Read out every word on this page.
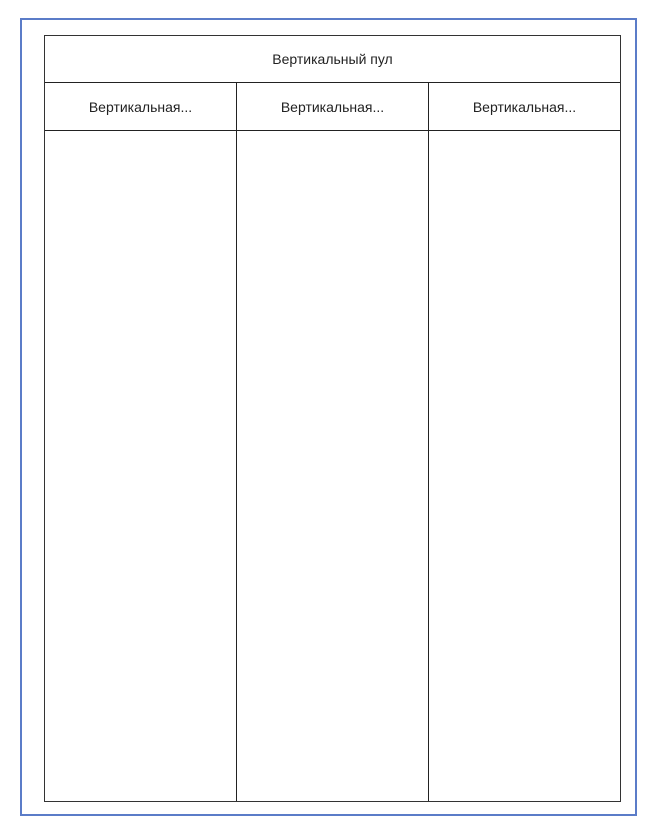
Вертикальный пул
Вертикальная...	Вертикальная...	Вертикальная...
